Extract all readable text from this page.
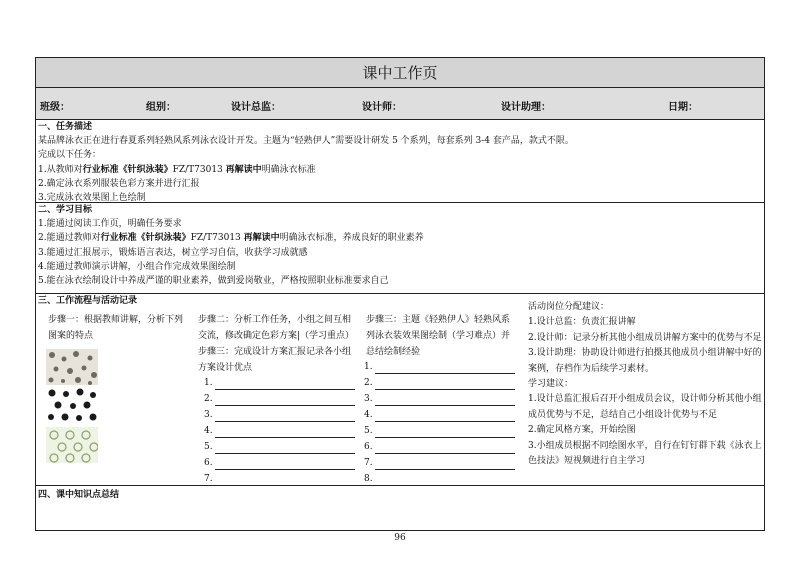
课中工作页
班级：	组别：	设计总监：	设计师：	设计助理：	日期：
一、任务描述
某品牌泳衣正在进行春夏系列轻熟风系列泳衣设计开发。主题为“轻熟伊人”需要设计研发 5 个系列，每套系列 3-4 套产品，款式不限。
完成以下任务：
1.从教师对行业标准《针织泳装》FZ/T73013 再解读中明确泳衣标准
2.确定泳衣系列服装色彩方案并进行汇报
3.完成泳衣效果图上色绘制
二、学习目标
1.能通过阅读工作页，明确任务要求
2.能通过教师对行业标准《针织泳装》FZ/T73013 再解读中明确泳衣标准，养成良好的职业素养
3.能通过汇报展示，锻炼语言表达，树立学习自信，收获学习成就感
4.能通过教师演示讲解，小组合作完成效果图绘制
5.能在泳衣绘制设计中养成严谨的职业素养，做到爱岗敬业，严格按照职业标准要求自己
三、工作流程与活动记录
步骤一：根据教师讲解，分析下列图案的特点
步骤二：分析工作任务，小组之间互相交流，修改确定色彩方案|（学习重点）步骤三：完成设计方案汇报记录各小组方案设计优点
1.
2.
3.
4.
5.
6.
7.
步骤三：主题《轻熟伊人》轻熟风系列泳衣装效果图绘制（学习难点）并总结绘制经验
1.
2.
3.
4.
5.
6.
7.
8.
活动岗位分配建议：
1.设计总监：负责汇报讲解
2.设计师：记录分析其他小组成员讲解方案中的优势与不足
3.设计助理：协助设计师进行拍摄其他成员小组讲解中好的案例，存档作为后续学习素材。
学习建议：
1.设计总监汇报后召开小组成员会议，设计师分析其他小组成员优势与不足，总结自己小组设计优势与不足
2.确定风格方案，开始绘图
3.小组成员根据不同绘图水平，自行在钉钉群下载《泳衣上色技法》短视频进行自主学习
四、课中知识点总结
96
